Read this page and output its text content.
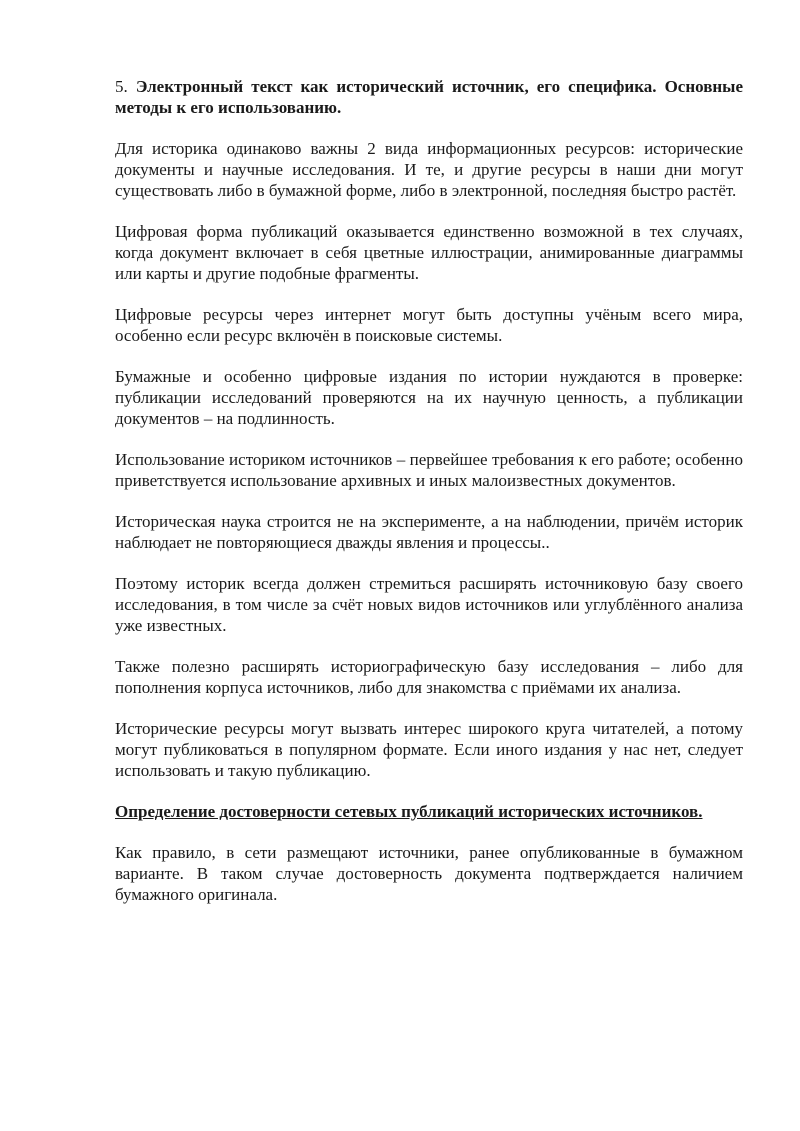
5. Электронный текст как исторический источник, его специфика. Основные методы к его использованию.

Для историка одинаково важны 2 вида информационных ресурсов: исторические документы и научные исследования. И те, и другие ресурсы в наши дни могут существовать либо в бумажной форме, либо в электронной, последняя быстро растёт.

Цифровая форма публикаций оказывается единственно возможной в тех случаях, когда документ включает в себя цветные иллюстрации, анимированные диаграммы или карты и другие подобные фрагменты.

Цифровые ресурсы через интернет могут быть доступны учёным всего мира, особенно если ресурс включён в поисковые системы.

Бумажные и особенно цифровые издания по истории нуждаются в проверке: публикации исследований проверяются на их научную ценность, а публикации документов – на подлинность.

Использование историком источников – первейшее требования к его работе; особенно приветствуется использование архивных и иных малоизвестных документов.

Историческая наука строится не на эксперименте, а на наблюдении, причём историк наблюдает не повторяющиеся дважды явления и процессы..

Поэтому историк всегда должен стремиться расширять источниковую базу своего исследования, в том числе за счёт новых видов источников или углублённого анализа уже известных.

Также полезно расширять историографическую базу исследования – либо для пополнения корпуса источников, либо для знакомства с приёмами их анализа.

Исторические ресурсы могут вызвать интерес широкого круга читателей, а потому могут публиковаться в популярном формате. Если иного издания у нас нет, следует использовать и такую публикацию.

Определение достоверности сетевых публикаций исторических источников.

Как правило, в сети размещают источники, ранее опубликованные в бумажном варианте. В таком случае достоверность документа подтверждается наличием бумажного оригинала.
